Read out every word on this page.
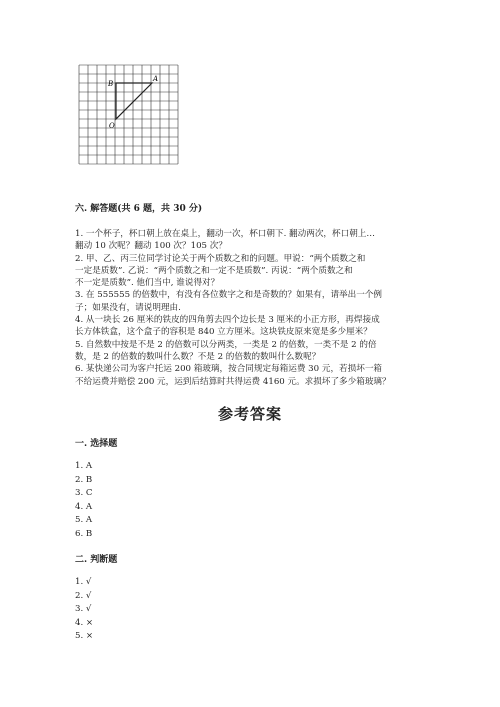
B
A
O

六. 解答题(共 6 题，共 30 分)

1. 一个杯子，杯口朝上放在桌上，翻动一次，杯口朝下. 翻动两次，杯口朝上…
翻动 10 次呢？翻动 100 次？105 次？
2. 甲、乙、丙三位同学讨论关于两个质数之和的问题。甲说：“两个质数之和
一定是质数”. 乙说：“两个质数之和一定不是质数”. 丙说：“两个质数之和
不一定是质数”. 他们当中, 谁说得对？
3. 在 555555 的倍数中，有没有各位数字之和是奇数的？如果有，请举出一个例
子；如果没有，请说明理由.
4. 从一块长 26 厘米的铁皮的四角剪去四个边长是 3 厘米的小正方形，再焊接成
长方体铁盒，这个盒子的容积是 840 立方厘米。这块铁皮原来宽是多少厘米？
5. 自然数中按是不是 2 的倍数可以分两类，一类是 2 的倍数，一类不是 2 的倍
数，是 2 的倍数的数叫什么数？不是 2 的倍数的数叫什么数呢？
6. 某快递公司为客户托运 200 箱玻璃，按合同规定每箱运费 30 元，若损坏一箱
不给运费并赔偿 200 元，运到后结算时共得运费 4160 元。求损坏了多少箱玻璃？
参考答案

一. 选择题

1. A
2. B
3. C
4. A
5. A
6. B

二. 判断题

1. √
2. √
3. √
4. ×
5. ×
